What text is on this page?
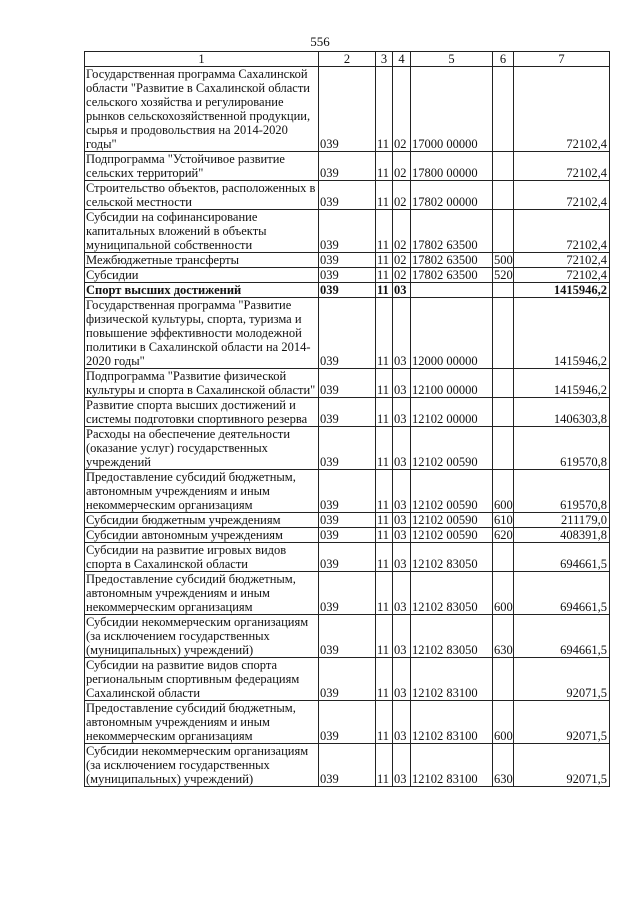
556
1	2	3	4	5	6	7
Государственная программа Сахалинской области "Развитие в Сахалинской области сельского хозяйства и регулирование рынков сельскохозяйственной продукции, сырья и продовольствия на 2014-2020 годы"	039	11	02	17000 00000		72102,4
Подпрограмма "Устойчивое развитие сельских территорий"	039	11	02	17800 00000		72102,4
Строительство объектов, расположенных в сельской местности	039	11	02	17802 00000		72102,4
Субсидии на софинансирование капитальных вложений в объекты муниципальной собственности	039	11	02	17802 63500		72102,4
Межбюджетные трансферты	039	11	02	17802 63500	500	72102,4
Субсидии	039	11	02	17802 63500	520	72102,4
Спорт высших достижений	039	11	03			1415946,2
Государственная программа "Развитие физической культуры, спорта, туризма и повышение эффективности молодежной политики в Сахалинской области на 2014-2020 годы"	039	11	03	12000 00000		1415946,2
Подпрограмма "Развитие физической культуры и спорта в Сахалинской области"	039	11	03	12100 00000		1415946,2
Развитие спорта высших достижений и системы подготовки спортивного резерва	039	11	03	12102 00000		1406303,8
Расходы на обеспечение деятельности (оказание услуг) государственных учреждений	039	11	03	12102 00590		619570,8
Предоставление субсидий бюджетным, автономным учреждениям и иным некоммерческим организациям	039	11	03	12102 00590	600	619570,8
Субсидии бюджетным учреждениям	039	11	03	12102 00590	610	211179,0
Субсидии автономным учреждениям	039	11	03	12102 00590	620	408391,8
Субсидии на развитие игровых видов спорта в Сахалинской области	039	11	03	12102 83050		694661,5
Предоставление субсидий бюджетным, автономным учреждениям и иным некоммерческим организациям	039	11	03	12102 83050	600	694661,5
Субсидии некоммерческим организациям (за исключением государственных (муниципальных) учреждений)	039	11	03	12102 83050	630	694661,5
Субсидии на развитие видов спорта региональным спортивным федерациям Сахалинской области	039	11	03	12102 83100		92071,5
Предоставление субсидий бюджетным, автономным учреждениям и иным некоммерческим организациям	039	11	03	12102 83100	600	92071,5
Субсидии некоммерческим организациям (за исключением государственных (муниципальных) учреждений)	039	11	03	12102 83100	630	92071,5
